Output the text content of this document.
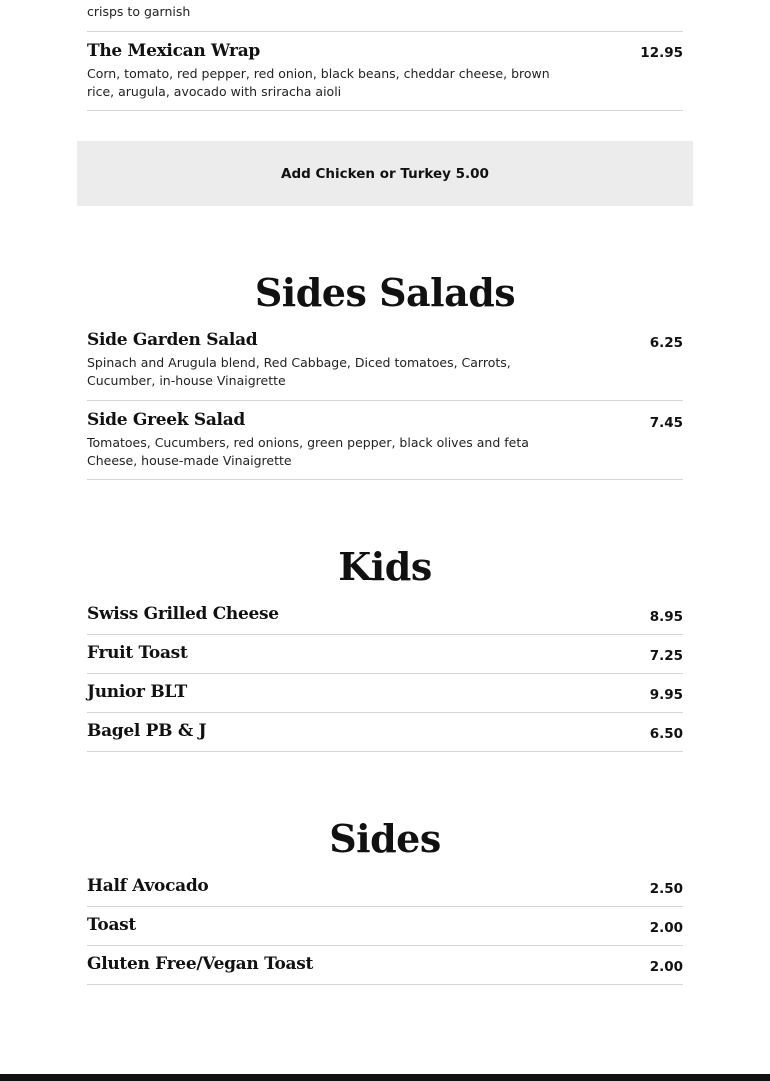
crisps to garnish
The Mexican Wrap	12.95
Corn, tomato, red pepper, red onion, black beans, cheddar cheese, brown
rice, arugula, avocado with sriracha aioli
Add Chicken or Turkey 5.00
Sides Salads
Side Garden Salad	6.25
Spinach and Arugula blend, Red Cabbage, Diced tomatoes, Carrots,
Cucumber, in-house Vinaigrette
Side Greek Salad	7.45
Tomatoes, Cucumbers, red onions, green pepper, black olives and feta
Cheese, house-made Vinaigrette
Kids
Swiss Grilled Cheese	8.95
Fruit Toast	7.25
Junior BLT	9.95
Bagel PB & J	6.50
Sides
Half Avocado	2.50
Toast	2.00
Gluten Free/Vegan Toast	2.00
